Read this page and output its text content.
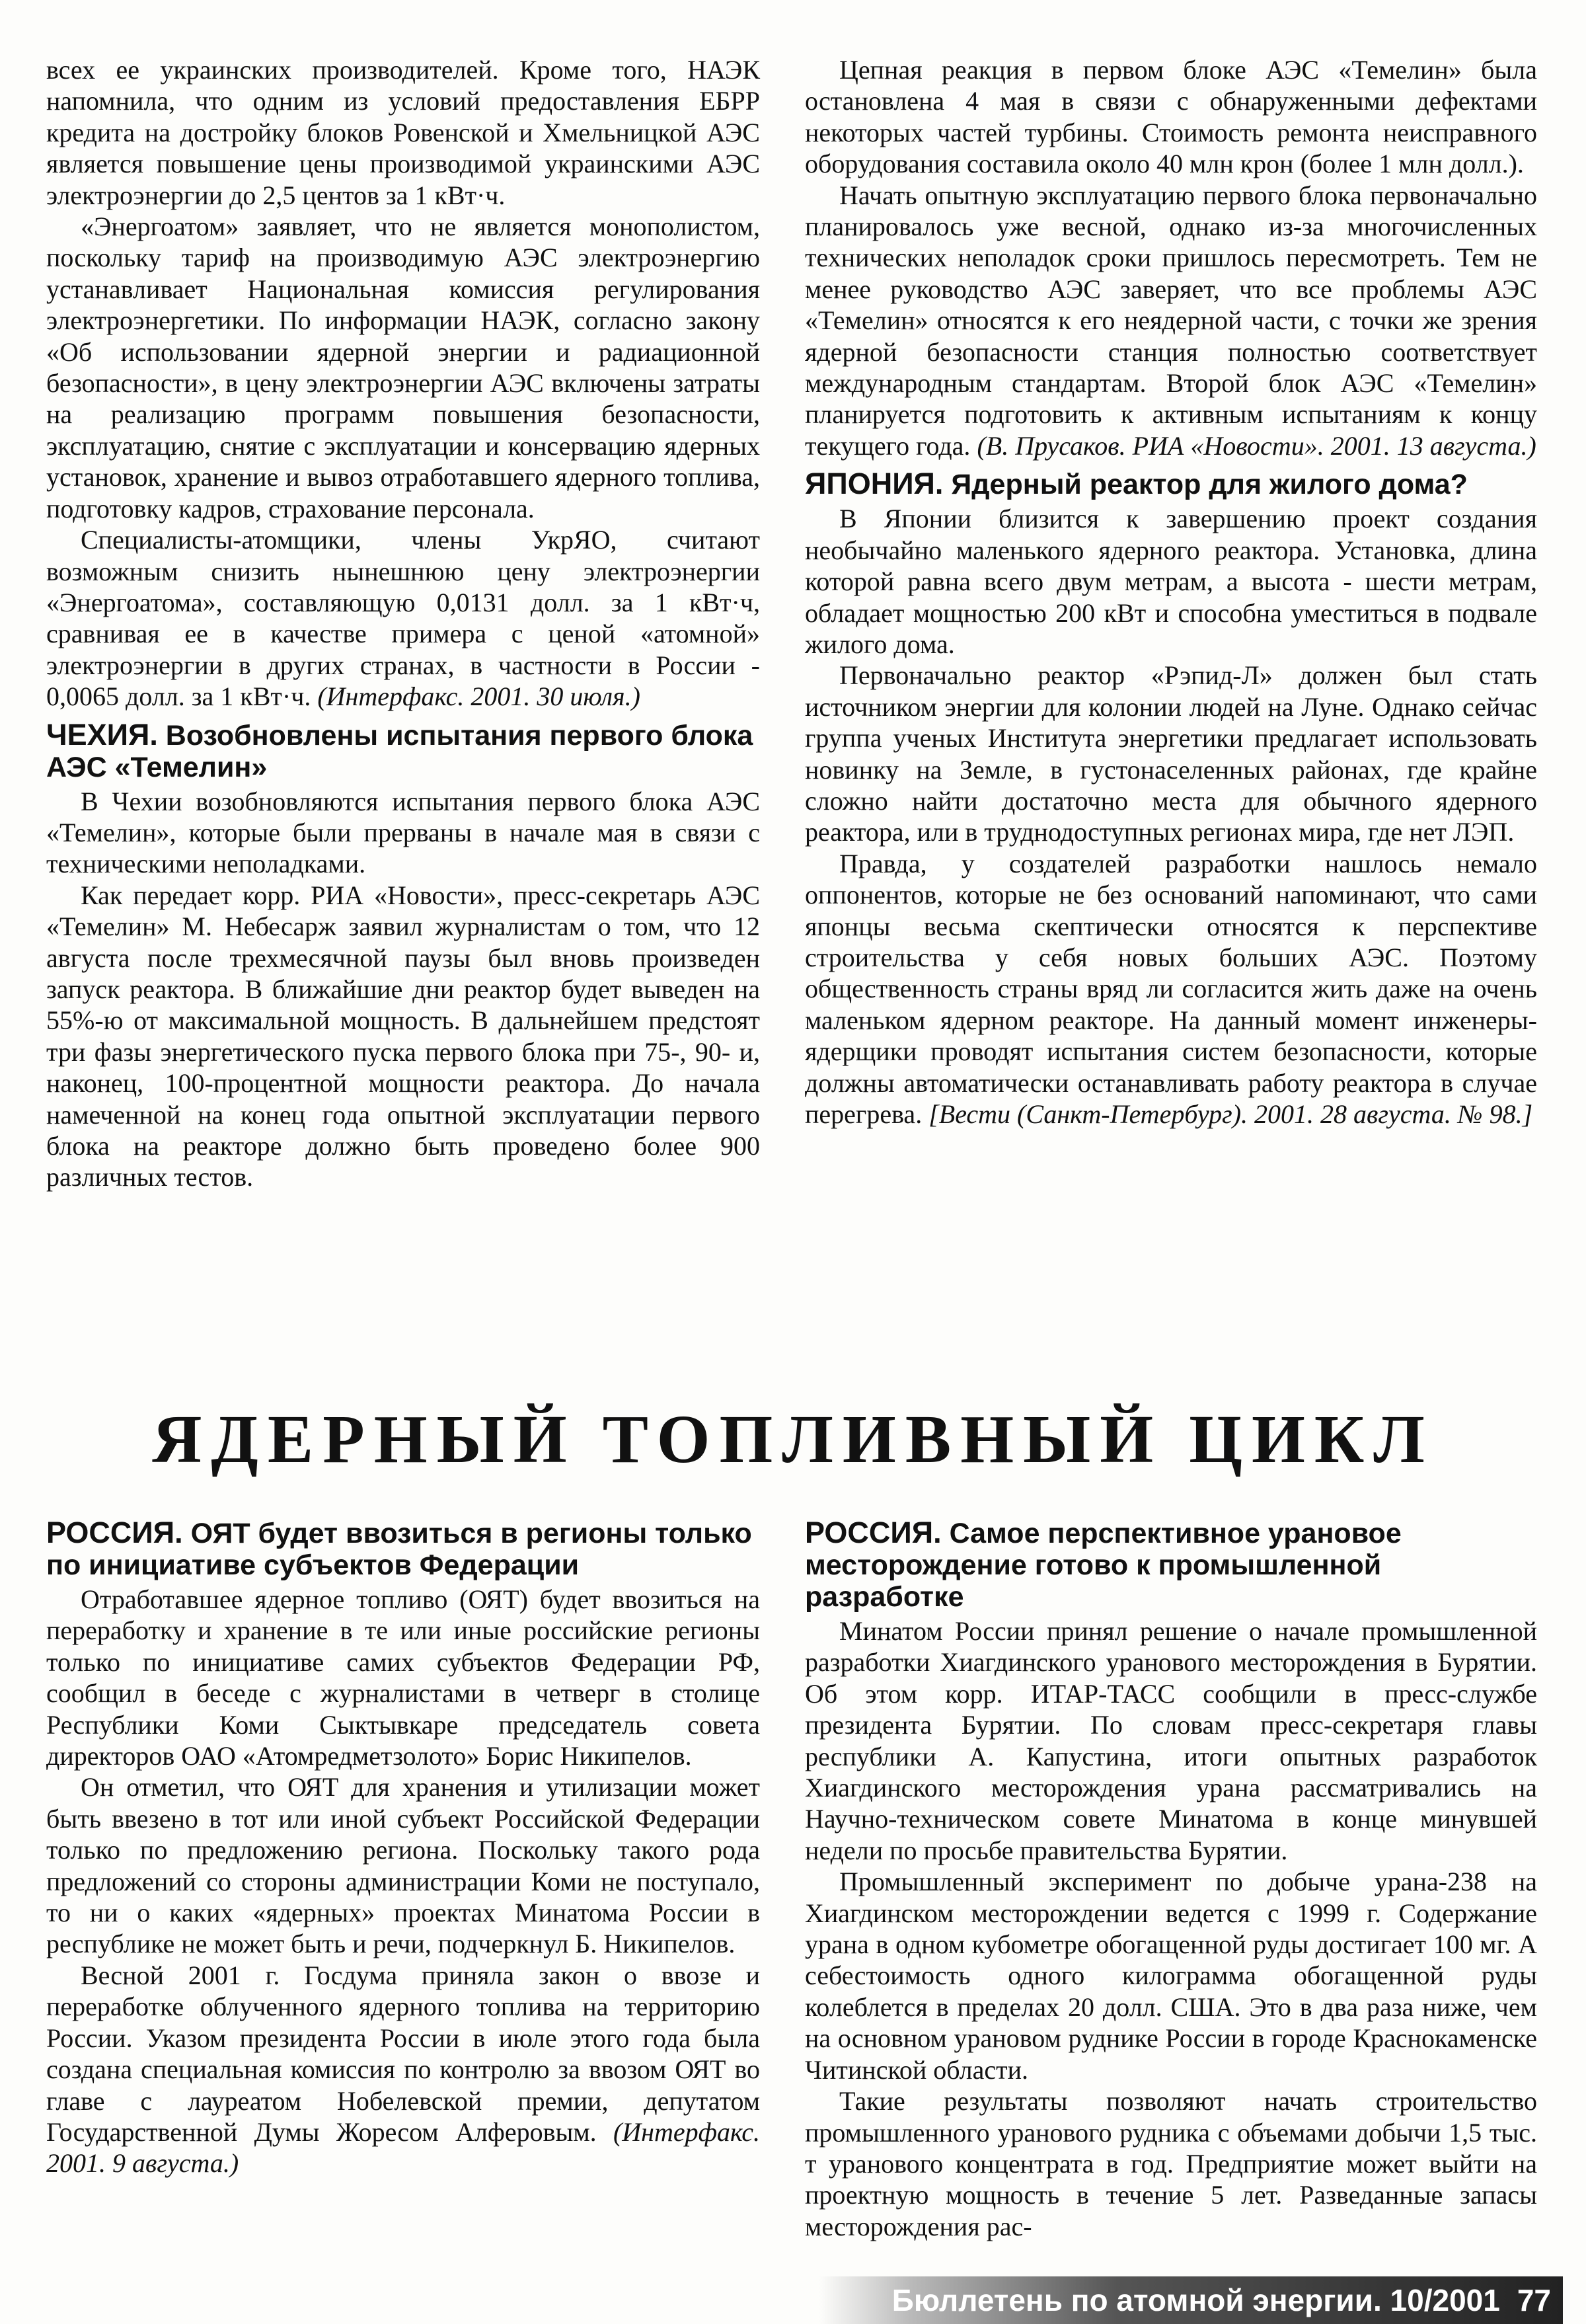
всех ее украинских производителей. Кроме того, НАЭК напомнила, что одним из условий предоставления ЕБРР кредита на достройку блоков Ровенской и Хмельницкой АЭС является повышение цены производимой украинскими АЭС электроэнергии до 2,5 центов за 1 кВт·ч.

«Энергоатом» заявляет, что не является монополистом, поскольку тариф на производимую АЭС электроэнергию устанавливает Национальная комиссия регулирования электроэнергетики. По информации НАЭК, согласно закону «Об использовании ядерной энергии и радиационной безопасности», в цену электроэнергии АЭС включены затраты на реализацию программ повышения безопасности, эксплуатацию, снятие с эксплуатации и консервацию ядерных установок, хранение и вывоз отработавшего ядерного топлива, подготовку кадров, страхование персонала.

Специалисты-атомщики, члены УкрЯО, считают возможным снизить нынешнюю цену электроэнергии «Энергоатома», составляющую 0,0131 долл. за 1 кВт·ч, сравнивая ее в качестве примера с ценой «атомной» электроэнергии в других странах, в частности в России - 0,0065 долл. за 1 кВт·ч. (Интерфакс. 2001. 30 июля.)

ЧЕХИЯ. Возобновлены испытания первого блока АЭС «Темелин»

В Чехии возобновляются испытания первого блока АЭС «Темелин», которые были прерваны в начале мая в связи с техническими неполадками.

Как передает корр. РИА «Новости», пресс-секретарь АЭС «Темелин» М. Небесарж заявил журналистам о том, что 12 августа после трехмесячной паузы был вновь произведен запуск реактора. В ближайшие дни реактор будет выведен на 55%-ю от максимальной мощность. В дальнейшем предстоят три фазы энергетического пуска первого блока при 75-, 90- и, наконец, 100-процентной мощности реактора. До начала намеченной на конец года опытной эксплуатации первого блока на реакторе должно быть проведено более 900 различных тестов.

Цепная реакция в первом блоке АЭС «Темелин» была остановлена 4 мая в связи с обнаруженными дефектами некоторых частей турбины. Стоимость ремонта неисправного оборудования составила около 40 млн крон (более 1 млн долл.).

Начать опытную эксплуатацию первого блока первоначально планировалось уже весной, однако из-за многочисленных технических неполадок сроки пришлось пересмотреть. Тем не менее руководство АЭС заверяет, что все проблемы АЭС «Темелин» относятся к его неядерной части, с точки же зрения ядерной безопасности станция полностью соответствует международным стандартам. Второй блок АЭС «Темелин» планируется подготовить к активным испытаниям к концу текущего года. (В. Прусаков. РИА «Новости». 2001. 13 августа.)

ЯПОНИЯ. Ядерный реактор для жилого дома?

В Японии близится к завершению проект создания необычайно маленького ядерного реактора. Установка, длина которой равна всего двум метрам, а высота - шести метрам, обладает мощностью 200 кВт и способна уместиться в подвале жилого дома.

Первоначально реактор «Рэпид-Л» должен был стать источником энергии для колонии людей на Луне. Однако сейчас группа ученых Института энергетики предлагает использовать новинку на Земле, в густонаселенных районах, где крайне сложно найти достаточно места для обычного ядерного реактора, или в труднодоступных регионах мира, где нет ЛЭП.

Правда, у создателей разработки нашлось немало оппонентов, которые не без оснований напоминают, что сами японцы весьма скептически относятся к перспективе строительства у себя новых больших АЭС. Поэтому общественность страны вряд ли согласится жить даже на очень маленьком ядерном реакторе. На данный момент инженеры-ядерщики проводят испытания систем безопасности, которые должны автоматически останавливать работу реактора в случае перегрева. [Вести (Санкт-Петербург). 2001. 28 августа. № 98.]

ЯДЕРНЫЙ ТОПЛИВНЫЙ ЦИКЛ
РОССИЯ. ОЯТ будет ввозиться в регионы только по инициативе субъектов Федерации

Отработавшее ядерное топливо (ОЯТ) будет ввозиться на переработку и хранение в те или иные российские регионы только по инициативе самих субъектов Федерации РФ, сообщил в беседе с журналистами в четверг в столице Республики Коми Сыктывкаре председатель совета директоров ОАО «Атомредметзолото» Борис Никипелов.

Он отметил, что ОЯТ для хранения и утилизации может быть ввезено в тот или иной субъект Российской Федерации только по предложению региона. Поскольку такого рода предложений со стороны администрации Коми не поступало, то ни о каких «ядерных» проектах Минатома России в республике не может быть и речи, подчеркнул Б. Никипелов.

Весной 2001 г. Госдума приняла закон о ввозе и переработке облученного ядерного топлива на территорию России. Указом президента России в июле этого года была создана специальная комиссия по контролю за ввозом ОЯТ во главе с лауреатом Нобелевской премии, депутатом Государственной Думы Жоресом Алферовым. (Интерфакс. 2001. 9 августа.)

РОССИЯ. Самое перспективное урановое месторождение готово к промышленной разработке

Минатом России принял решение о начале промышленной разработки Хиагдинского уранового месторождения в Бурятии. Об этом корр. ИТАР-ТАСС сообщили в пресс-службе президента Бурятии. По словам пресс-секретаря главы республики А. Капустина, итоги опытных разработок Хиагдинского месторождения урана рассматривались на Научно-техническом совете Минатома в конце минувшей недели по просьбе правительства Бурятии.

Промышленный эксперимент по добыче урана-238 на Хиагдинском месторождении ведется с 1999 г. Содержание урана в одном кубометре обогащенной руды достигает 100 мг. А себестоимость одного килограмма обогащенной руды колеблется в пределах 20 долл. США. Это в два раза ниже, чем на основном урановом руднике России в городе Краснокаменске Читинской области.

Такие результаты позволяют начать строительство промышленного уранового рудника с объемами добычи 1,5 тыс. т уранового концентрата в год. Предприятие может выйти на проектную мощность в течение 5 лет. Разведанные запасы месторождения рас-

Бюллетень по атомной энергии. 10/2001 77
